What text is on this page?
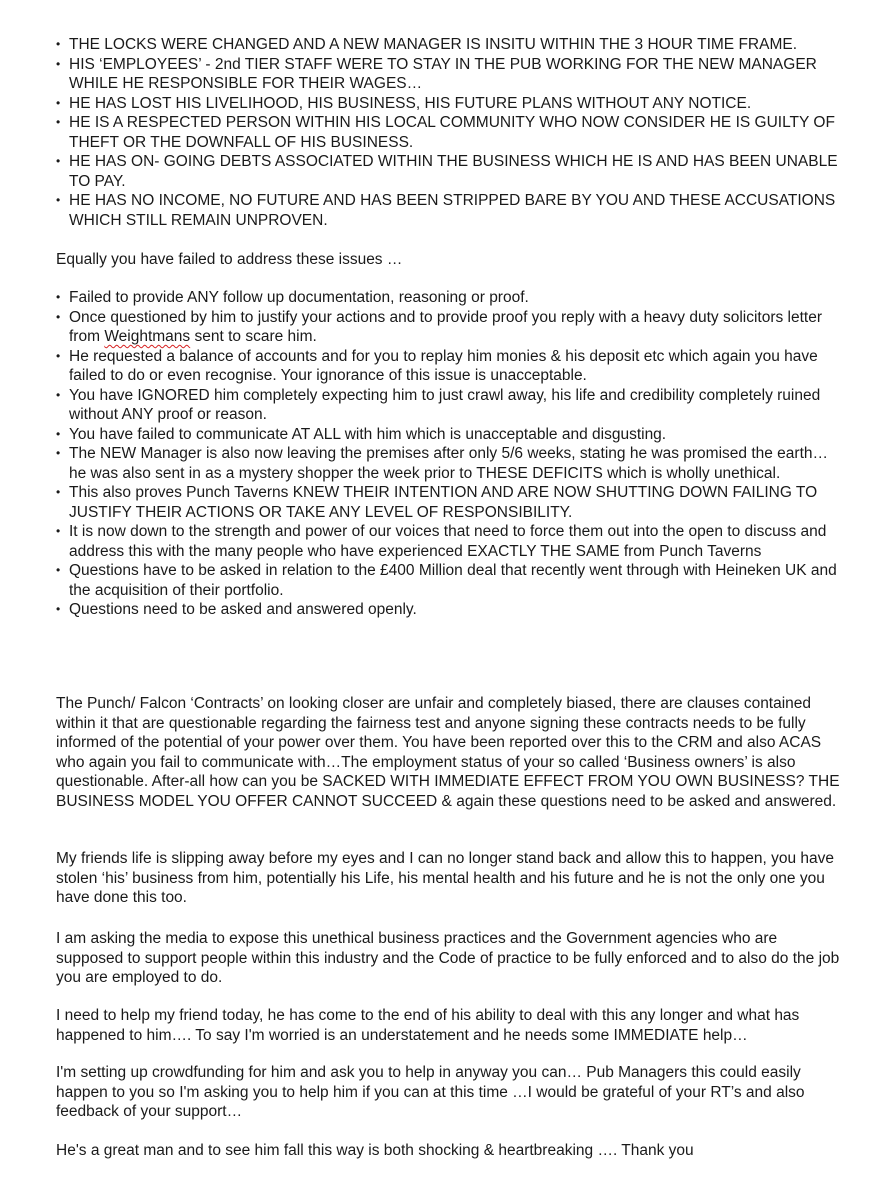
• THE LOCKS WERE CHANGED AND A NEW MANAGER IS INSITU WITHIN THE 3 HOUR TIME FRAME.
• HIS ‘EMPLOYEES’ - 2nd TIER STAFF WERE TO STAY IN THE PUB WORKING FOR THE NEW MANAGER WHILE HE RESPONSIBLE FOR THEIR WAGES…
• HE HAS LOST HIS LIVELIHOOD, HIS BUSINESS, HIS FUTURE PLANS WITHOUT ANY NOTICE.
• HE IS A RESPECTED PERSON WITHIN HIS LOCAL COMMUNITY WHO NOW CONSIDER HE IS GUILTY OF THEFT OR THE DOWNFALL OF HIS BUSINESS.
• HE HAS ON- GOING DEBTS ASSOCIATED WITHIN THE BUSINESS WHICH HE IS AND HAS BEEN UNABLE TO PAY.
• HE HAS NO INCOME, NO FUTURE AND HAS BEEN STRIPPED BARE BY YOU AND THESE ACCUSATIONS WHICH STILL REMAIN UNPROVEN.

Equally you have failed to address these issues …

• Failed to provide ANY follow up documentation, reasoning or proof.
• Once questioned by him to justify your actions and to provide proof you reply with a heavy duty solicitors letter from Weightmans sent to scare him.
• He requested a balance of accounts and for you to replay him monies & his deposit etc which again you have failed to do or even recognise. Your ignorance of this issue is unacceptable.
• You have IGNORED him completely expecting him to just crawl away, his life and credibility completely ruined without ANY proof or reason.
• You have failed to communicate AT ALL with him which is unacceptable and disgusting.
• The NEW Manager is also now leaving the premises after only 5/6 weeks, stating he was promised the earth… he was also sent in as a mystery shopper the week prior to THESE DEFICITS which is wholly unethical.
• This also proves Punch Taverns KNEW THEIR INTENTION AND ARE NOW SHUTTING DOWN FAILING TO JUSTIFY THEIR ACTIONS OR TAKE ANY LEVEL OF RESPONSIBILITY.
• It is now down to the strength and power of our voices that need to force them out into the open to discuss and address this with the many people who have experienced EXACTLY THE SAME from Punch Taverns
• Questions have to be asked in relation to the £400 Million deal that recently went through with Heineken UK and the acquisition of their portfolio.
• Questions need to be asked and answered openly.

The Punch/ Falcon ‘Contracts’ on looking closer are unfair and completely biased, there are clauses contained within it that are questionable regarding the fairness test and anyone signing these contracts needs to be fully informed of the potential of your power over them. You have been reported over this to the CRM and also ACAS who again you fail to communicate with…The employment status of your so called ‘Business owners’ is also questionable. After-all how can you be SACKED WITH IMMEDIATE EFFECT FROM YOU OWN BUSINESS? THE BUSINESS MODEL YOU OFFER CANNOT SUCCEED & again these questions need to be asked and answered.

My friends life is slipping away before my eyes and I can no longer stand back and allow this to happen, you have stolen ‘his’ business from him, potentially his Life, his mental health and his future and he is not the only one you have done this too.

I am asking the media to expose this unethical business practices and the Government agencies who are supposed to support people within this industry and the Code of practice to be fully enforced and to also do the job you are employed to do.

I need to help my friend today, he has come to the end of his ability to deal with this any longer and what has happened to him…. To say I'm worried is an understatement and he needs some IMMEDIATE help…

I'm setting up crowdfunding for him and ask you to help in anyway you can… Pub Managers this could easily happen to you so I'm asking you to help him if you can at this time …I would be grateful of your RT’s and also feedback of your support…

He's a great man and to see him fall this way is both shocking & heartbreaking …. Thank you
